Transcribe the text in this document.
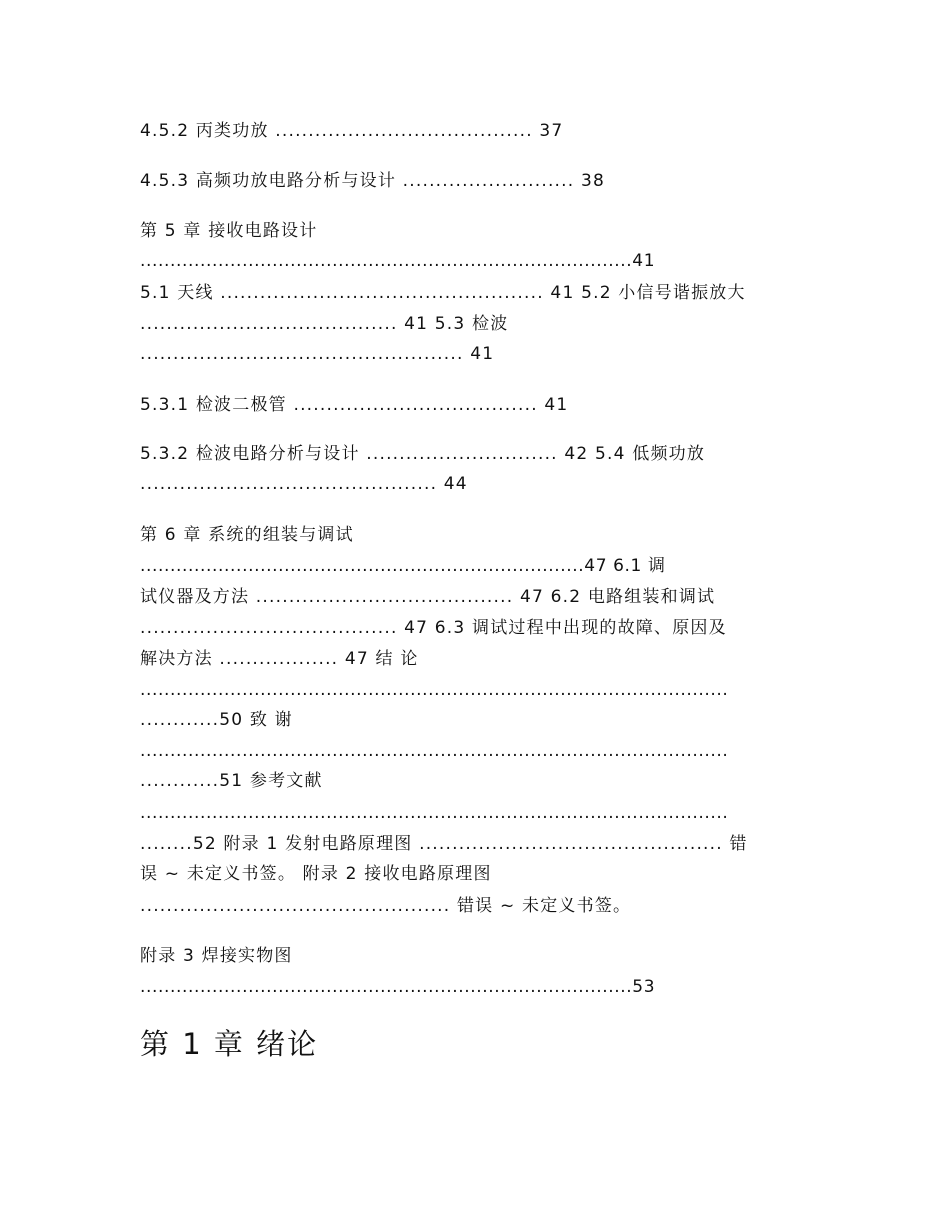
4.5.2 丙类功放 ....................................... 37
4.5.3 高频功放电路分析与设计 .......................... 38
第 5 章 接收电路设计
..................................................................................41
5.1 天线 ................................................. 41 5.2 小信号谐振放大
....................................... 41 5.3 检波
................................................. 41
5.3.1 检波二极管 ..................................... 41
5.3.2 检波电路分析与设计 ............................. 42 5.4 低频功放
............................................. 44
第 6 章 系统的组装与调试
..........................................................................47 6.1 调
试仪器及方法 ....................................... 47 6.2 电路组装和调试
....................................... 47 6.3 调试过程中出现的故障、原因及
解决方法 .................. 47 结 论
..................................................................................................
............50 致 谢
..................................................................................................
............51 参考文献
..................................................................................................
........52 附录 1 发射电路原理图 .............................................. 错
误 ~ 未定义书签。 附录 2 接收电路原理图
............................................... 错误 ~ 未定义书签。
附录 3 焊接实物图
..................................................................................53
第 1 章 绪论
